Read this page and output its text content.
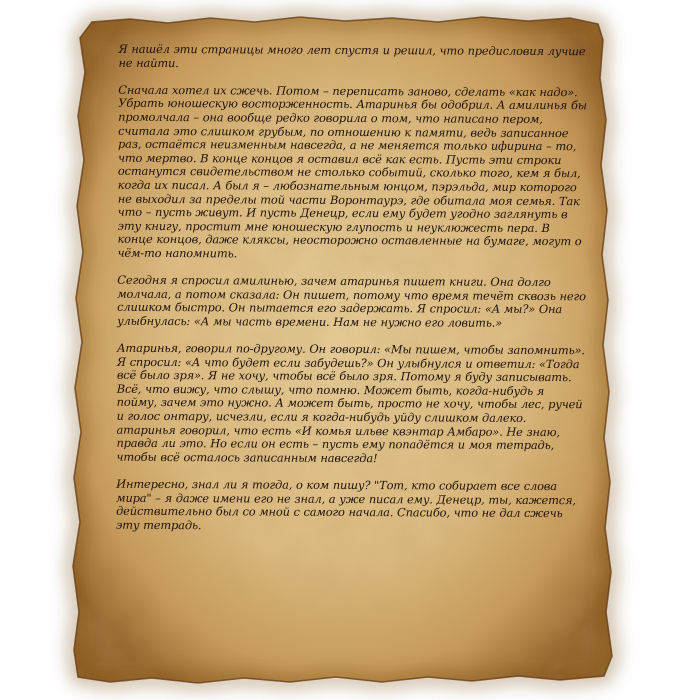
Я нашёл эти страницы много лет спустя и решил, что предисловия лучше не найти.

Сначала хотел их сжечь. Потом – переписать заново, сделать «как надо». Убрать юношескую восторженность. Атаринья бы одобрил. А амилинья бы промолчала – она вообще редко говорила о том, что написано пером, считала это слишком грубым, по отношению к памяти, ведь записанное раз, остаётся неизменным навсегда, а не меняется только ифирина – то, что мертво. В конце концов я оставил всё как есть. Пусть эти строки останутся свидетельством не столько событий, сколько того, кем я был, когда их писал. А был я – любознательным юнцом, пэрэльда, мир которого не выходил за пределы той части Воронтаурэ, где обитала моя семья. Так что – пусть живут. И пусть Денецр, если ему будет угодно заглянуть в эту книгу, простит мне юношескую глупость и неуклюжесть пера. В конце концов, даже кляксы, неосторожно оставленные на бумаге, могут о чём-то напомнить.

Сегодня я спросил амилинью, зачем атаринья пишет книги. Она долго молчала, а потом сказала: Он пишет, потому что время течёт сквозь него слишком быстро. Он пытается его задержать. Я спросил: «А мы?» Она улыбнулась: «А мы часть времени. Нам не нужно его ловить.»

Атаринья, говорил по-другому. Он говорил: «Мы пишем, чтобы запомнить». Я спросил: «А что будет если забудешь?» Он улыбнулся и ответил: «Тогда всё было зря». Я не хочу, чтобы всё было зря. Потому я буду записывать. Всё, что вижу, что слышу, что помню. Может быть, когда-нибудь я пойму, зачем это нужно. А может быть, просто не хочу, чтобы лес, ручей и голос онтару, исчезли, если я когда-нибудь уйду слишком далеко. атаринья говорил, что есть «И комья ильве квэнтар Амбаро». Не знаю, правда ли это. Но если он есть – пусть ему попадётся и моя тетрадь, чтобы всё осталось записанным навсегда!

Интересно, знал ли я тогда, о ком пишу? "Тот, кто собирает все слова мира" – я даже имени его не знал, а уже писал ему. Денецр, ты, кажется, действительно был со мной с самого начала. Спасибо, что не дал сжечь эту тетрадь.
